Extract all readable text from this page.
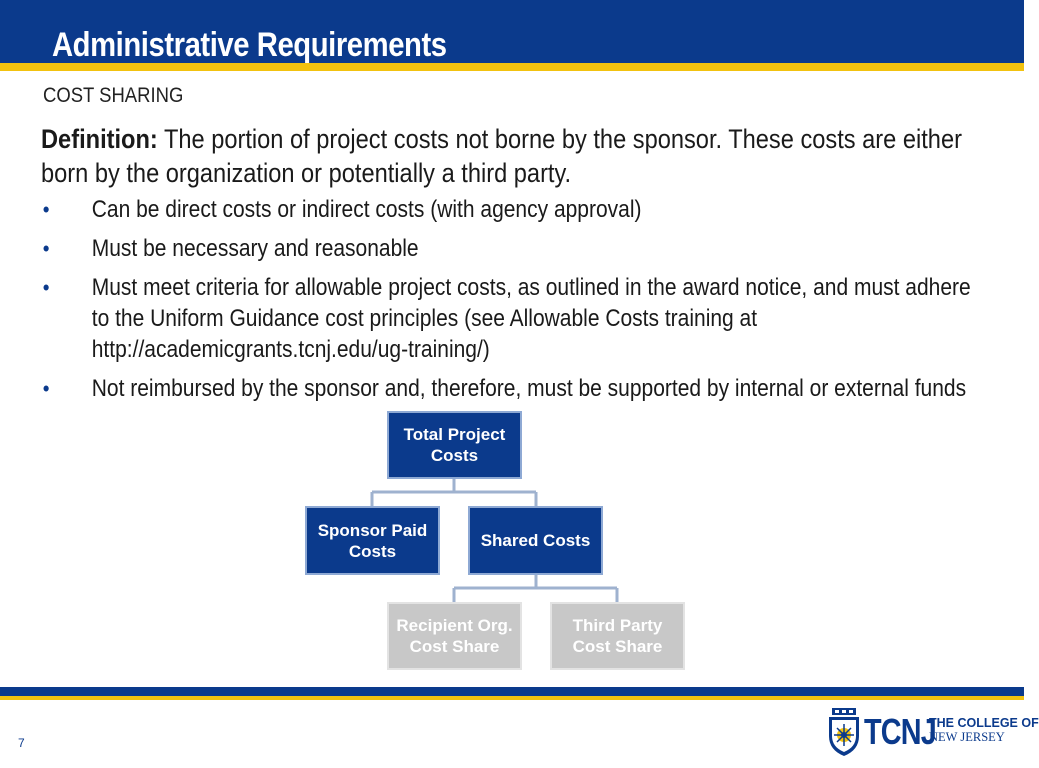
Administrative Requirements
COST SHARING

Definition: The portion of project costs not borne by the sponsor. These costs are either born by the organization or potentially a third party.

• Can be direct costs or indirect costs (with agency approval)
• Must be necessary and reasonable
• Must meet criteria for allowable project costs, as outlined in the award notice, and must adhere to the Uniform Guidance cost principles (see Allowable Costs training at http://academicgrants.tcnj.edu/ug-training/)
• Not reimbursed by the sponsor and, therefore, must be supported by internal or external funds
Total Project Costs
Sponsor Paid Costs
Shared Costs
Recipient Org. Cost Share
Third Party Cost Share
7	TCNJ
THE COLLEGE OF
NEW JERSEY
